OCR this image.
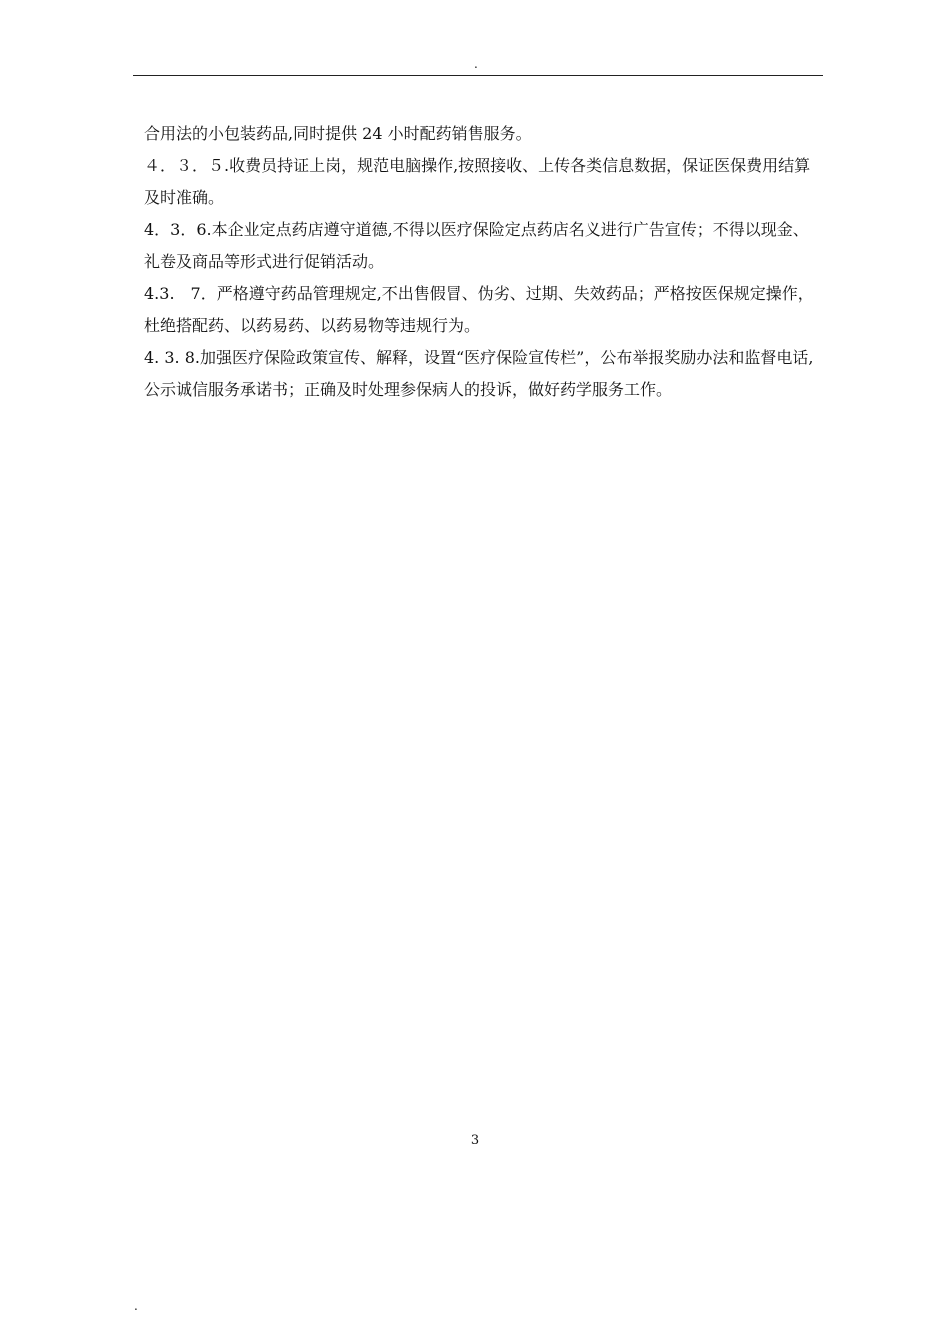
.

合用法的小包装药品,同时提供 24 小时配药销售服务。

４．３．５.收费员持证上岗，规范电脑操作,按照接收、上传各类信息数据，保证医保费用结算及时准确。

4．3．6.本企业定点药店遵守道德,不得以医疗保险定点药店名义进行广告宣传；不得以现金、礼卷及商品等形式进行促销活动。

4.3.　7．严格遵守药品管理规定,不出售假冒、伪劣、过期、失效药品；严格按医保规定操作，杜绝搭配药、以药易药、以药易物等违规行为。

4. 3. 8.加强医疗保险政策宣传、解释，设置“医疗保险宣传栏”，公布举报奖励办法和监督电话,公示诚信服务承诺书；正确及时处理参保病人的投诉，做好药学服务工作。

3
.
